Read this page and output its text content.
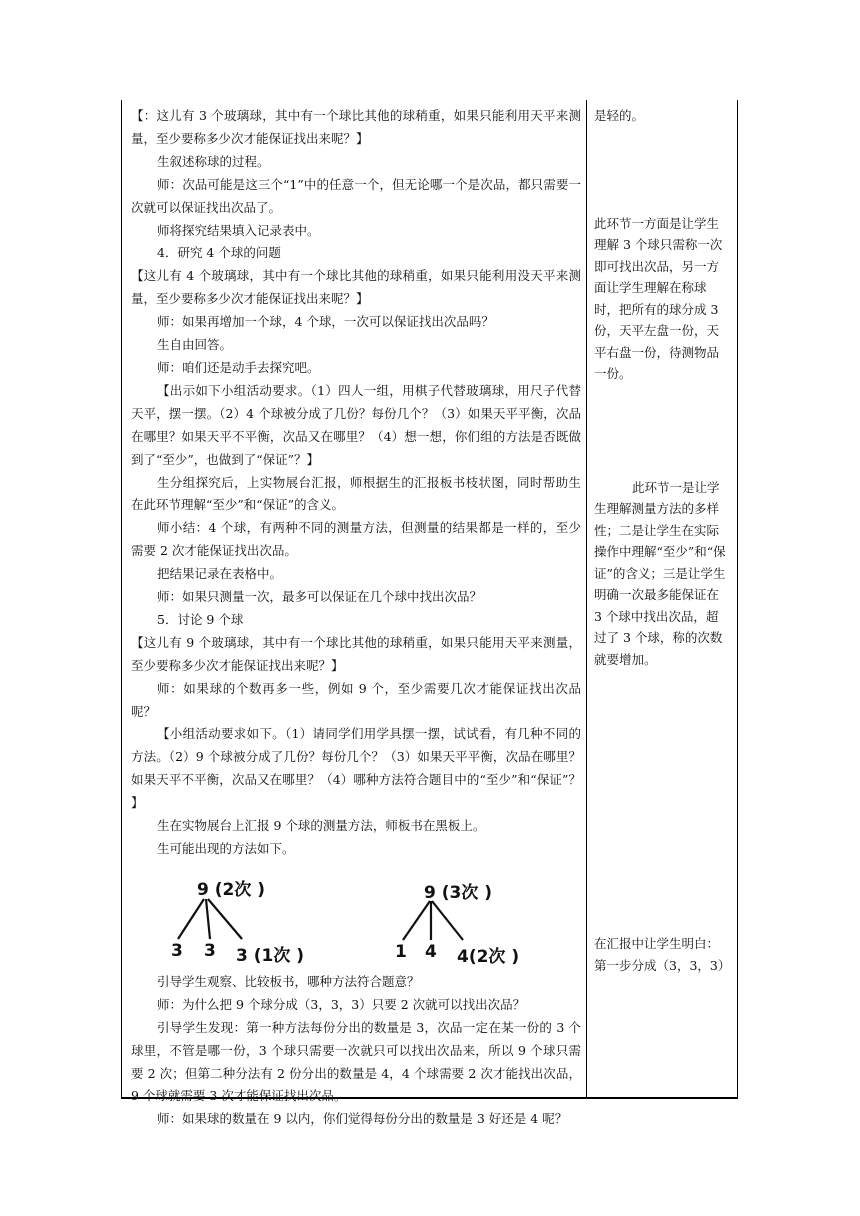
【：这儿有 3 个玻璃球，其中有一个球比其他的球稍重，如果只能利用天平来测量，至少要称多少次才能保证找出来呢？】

生叙述称球的过程。

师：次品可能是这三个“1”中的任意一个，但无论哪一个是次品，都只需要一次就可以保证找出次品了。

师将探究结果填入记录表中。

4．研究 4 个球的问题

【这儿有 4 个玻璃球，其中有一个球比其他的球稍重，如果只能利用没天平来测量，至少要称多少次才能保证找出来呢？】

师：如果再增加一个球，4 个球，一次可以保证找出次品吗？

生自由回答。

师：咱们还是动手去探究吧。

【出示如下小组活动要求。（1）四人一组，用棋子代替玻璃球，用尺子代替天平，摆一摆。（2）4 个球被分成了几份？每份几个？（3）如果天平平衡，次品在哪里？如果天平不平衡，次品又在哪里？（4）想一想，你们组的方法是否既做到了“至少”，也做到了“保证”？】

生分组探究后，上实物展台汇报，师根据生的汇报板书枝状图，同时帮助生在此环节理解“至少”和“保证”的含义。

师小结：4 个球，有两种不同的测量方法，但测量的结果都是一样的，至少需要 2 次才能保证找出次品。

把结果记录在表格中。

师：如果只测量一次，最多可以保证在几个球中找出次品？

5．讨论 9 个球

【这儿有 9 个玻璃球，其中有一个球比其他的球稍重，如果只能用天平来测量，至少要称多少次才能保证找出来呢？】

师：如果球的个数再多一些，例如 9 个，至少需要几次才能保证找出次品呢？

【小组活动要求如下。（1）请同学们用学具摆一摆，试试看，有几种不同的方法。（2）9 个球被分成了几份？每份几个？（3）如果天平平衡，次品在哪里？如果天平不平衡，次品又在哪里？（4）哪种方法符合题目中的“至少”和“保证”？ 】

生在实物展台上汇报 9 个球的测量方法，师板书在黑板上。

生可能出现的方法如下。

9 (2次 )
3 3 3 (1次 )
9 (3次 )
1 4 4(2次 )

引导学生观察、比较板书，哪种方法符合题意？

师：为什么把 9 个球分成（3，3，3）只要 2 次就可以找出次品？

引导学生发现：第一种方法每份分出的数量是 3，次品一定在某一份的 3 个球里，不管是哪一份，3 个球只需要一次就只可以找出次品来，所以 9 个球只需要 2 次；但第二种分法有 2 份分出的数量是 4，4 个球需要 2 次才能找出次品，9 个球就需要 3 次才能保证找出次品。

师：如果球的数量在 9 以内，你们觉得每份分出的数量是 3 好还是 4 呢？

是轻的。

此环节一方面是让学生理解 3 个球只需称一次即可找出次品，另一方面让学生理解在称球时，把所有的球分成 3 份，天平左盘一份，天平右盘一份，待测物品一份。

此环节一是让学生理解测量方法的多样性；二是让学生在实际操作中理解“至少”和“保证”的含义；三是让学生明确一次最多能保证在 3 个球中找出次品，超过了 3 个球，称的次数就要增加。

在汇报中让学生明白：第一步分成（3，3，3）
